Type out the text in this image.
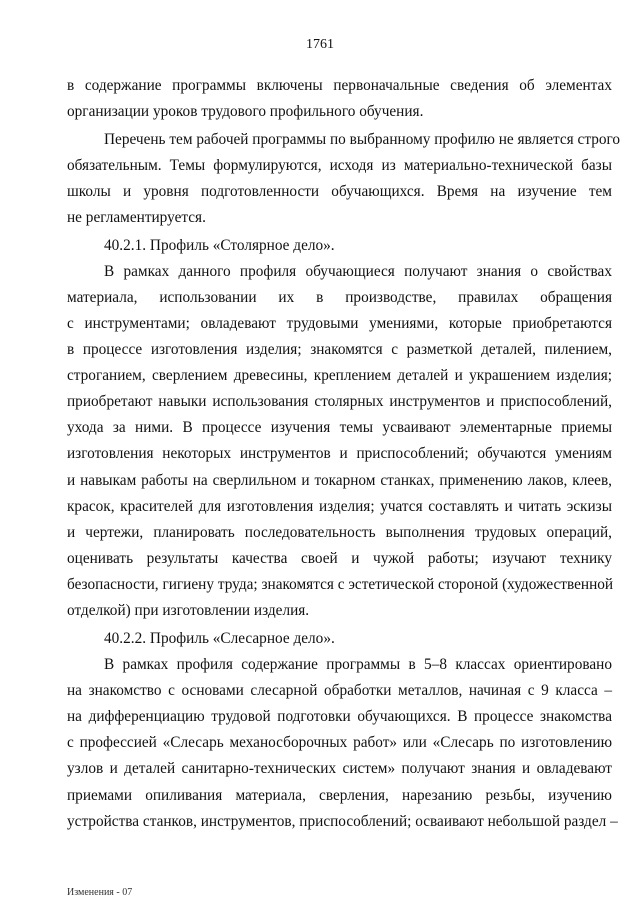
1761
в содержание программы включены первоначальные сведения об элементах
организации уроков трудового профильного обучения.
Перечень тем рабочей программы по выбранному профилю не является строго
обязательным. Темы формулируются, исходя из материально-технической базы
школы и уровня подготовленности обучающихся. Время на изучение тем
не регламентируется.
40.2.1. Профиль «Столярное дело».
В рамках данного профиля обучающиеся получают знания о свойствах
материала, использовании их в производстве, правилах обращения
с инструментами; овладевают трудовыми умениями, которые приобретаются
в процессе изготовления изделия; знакомятся с разметкой деталей, пилением,
строганием, сверлением древесины, креплением деталей и украшением изделия;
приобретают навыки использования столярных инструментов и приспособлений,
ухода за ними. В процессе изучения темы усваивают элементарные приемы
изготовления некоторых инструментов и приспособлений; обучаются умениям
и навыкам работы на сверлильном и токарном станках, применению лаков, клеев,
красок, красителей для изготовления изделия; учатся составлять и читать эскизы
и чертежи, планировать последовательность выполнения трудовых операций,
оценивать результаты качества своей и чужой работы; изучают технику
безопасности, гигиену труда; знакомятся с эстетической стороной (художественной
отделкой) при изготовлении изделия.
40.2.2. Профиль «Слесарное дело».
В рамках профиля содержание программы в 5–8 классах ориентировано
на знакомство с основами слесарной обработки металлов, начиная с 9 класса –
на дифференциацию трудовой подготовки обучающихся. В процессе знакомства
с профессией «Слесарь механосборочных работ» или «Слесарь по изготовлению
узлов и деталей санитарно-технических систем» получают знания и овладевают
приемами опиливания материала, сверления, нарезанию резьбы, изучению
устройства станков, инструментов, приспособлений; осваивают небольшой раздел –
Изменения - 07
